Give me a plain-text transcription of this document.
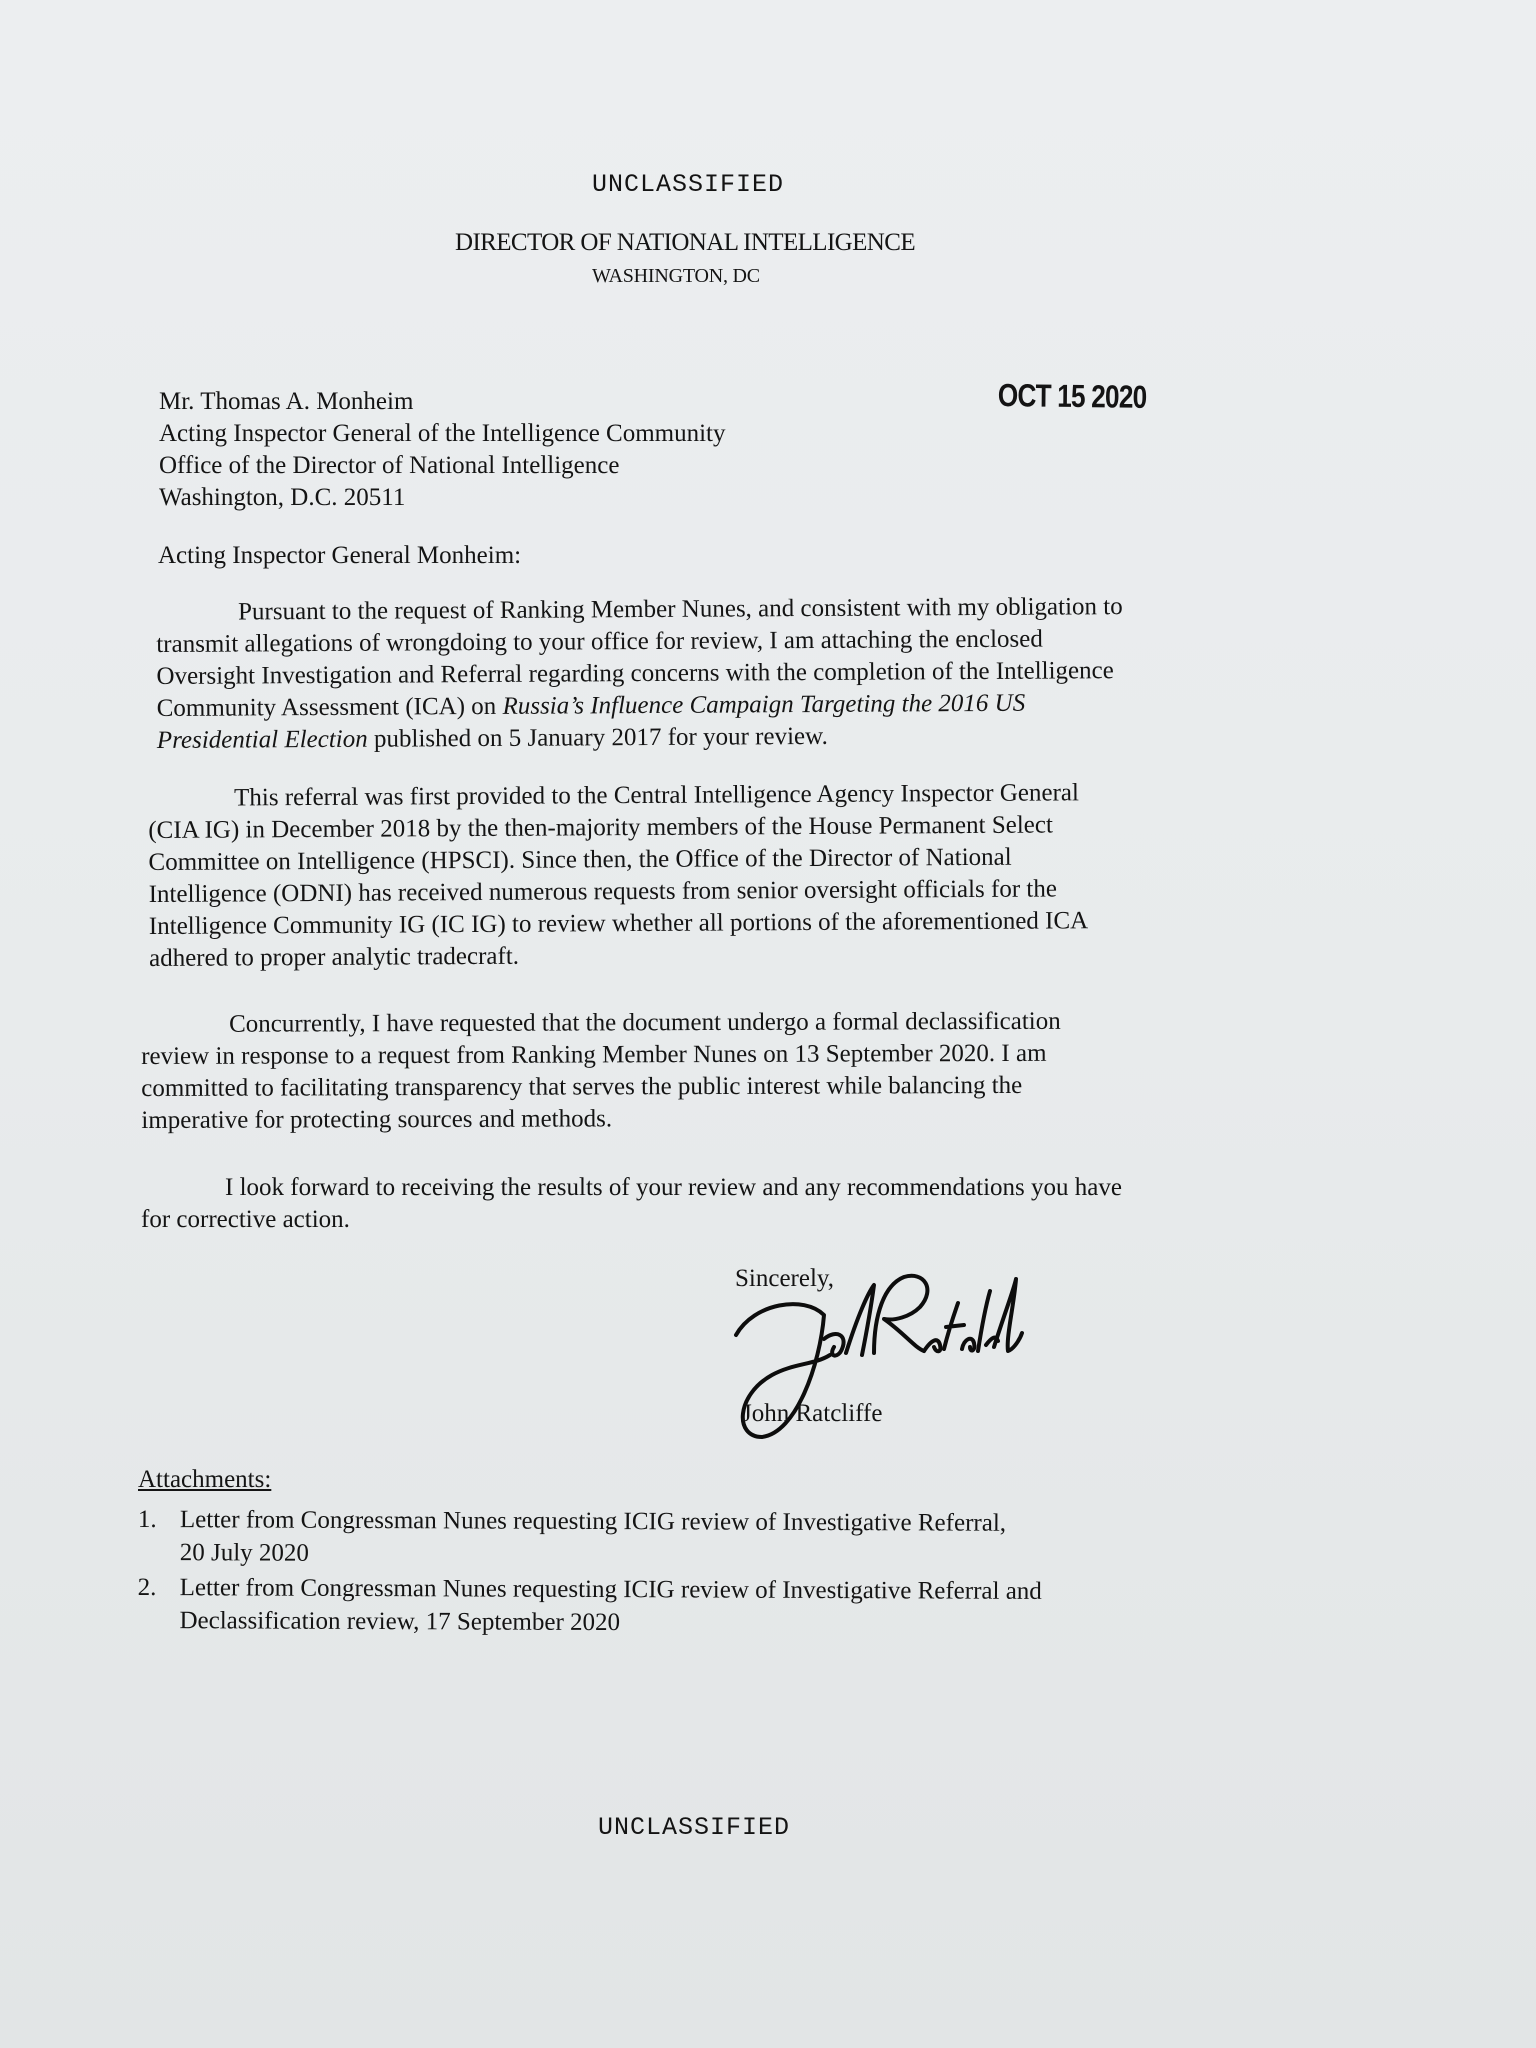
UNCLASSIFIED
DIRECTOR OF NATIONAL INTELLIGENCE
WASHINGTON, DC
OCT 15 2020
Mr. Thomas A. Monheim
Acting Inspector General of the Intelligence Community
Office of the Director of National Intelligence
Washington, D.C. 20511
Acting Inspector General Monheim:
Pursuant to the request of Ranking Member Nunes, and consistent with my obligation to
transmit allegations of wrongdoing to your office for review, I am attaching the enclosed
Oversight Investigation and Referral regarding concerns with the completion of the Intelligence
Community Assessment (ICA) on Russia’s Influence Campaign Targeting the 2016 US
Presidential Election published on 5 January 2017 for your review.
This referral was first provided to the Central Intelligence Agency Inspector General
(CIA IG) in December 2018 by the then-majority members of the House Permanent Select
Committee on Intelligence (HPSCI). Since then, the Office of the Director of National
Intelligence (ODNI) has received numerous requests from senior oversight officials for the
Intelligence Community IG (IC IG) to review whether all portions of the aforementioned ICA
adhered to proper analytic tradecraft.
Concurrently, I have requested that the document undergo a formal declassification
review in response to a request from Ranking Member Nunes on 13 September 2020. I am
committed to facilitating transparency that serves the public interest while balancing the
imperative for protecting sources and methods.
I look forward to receiving the results of your review and any recommendations you have
for corrective action.
Sincerely,
John Ratcliffe
Attachments:
1. Letter from Congressman Nunes requesting ICIG review of Investigative Referral,
20 July 2020
2. Letter from Congressman Nunes requesting ICIG review of Investigative Referral and
Declassification review, 17 September 2020
UNCLASSIFIED
